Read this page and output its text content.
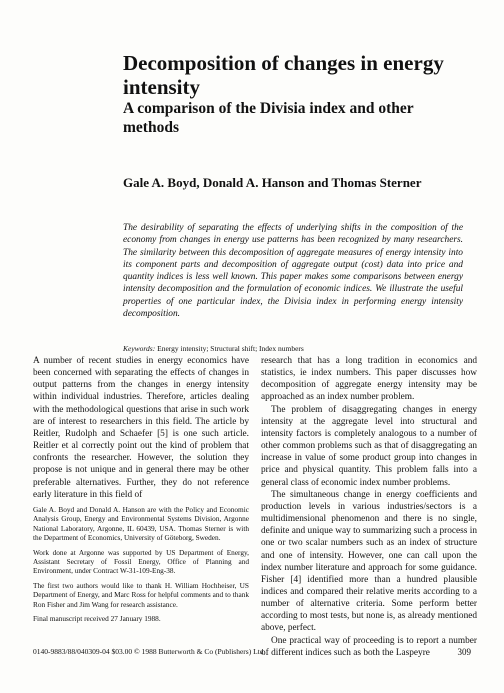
Decomposition of changes in energy intensity
A comparison of the Divisia index and other methods

Gale A. Boyd, Donald A. Hanson and Thomas Sterner

The desirability of separating the effects of underlying shifts in the composition of the economy from changes in energy use patterns has been recognized by many researchers. The similarity between this decomposition of aggregate measures of energy intensity into its component parts and decomposition of aggregate output (cost) data into price and quantity indices is less well known. This paper makes some comparisons between energy intensity decomposition and the formulation of economic indices. We illustrate the useful properties of one particular index, the Divisia index in performing energy intensity decomposition.

Keywords: Energy intensity; Structural shift; Index numbers

A number of recent studies in energy economics have been concerned with separating the effects of changes in output patterns from the changes in energy intensity within individual industries. Therefore, articles dealing with the methodological questions that arise in such work are of interest to researchers in this field. The article by Reitler, Rudolph and Schaefer [5] is one such article. Reitler et al correctly point out the kind of problem that confronts the researcher. However, the solution they propose is not unique and in general there may be other preferable alternatives. Further, they do not reference early literature in this field of

Gale A. Boyd and Donald A. Hanson are with the Policy and Economic Analysis Group, Energy and Environmental Systems Division, Argonne National Laboratory, Argonne, IL 60439, USA. Thomas Sterner is with the Department of Economics, University of Göteborg, Sweden.

Work done at Argonne was supported by US Department of Energy, Assistant Secretary of Fossil Energy, Office of Planning and Environment, under Contract W-31-109-Eng-38.

The first two authors would like to thank H. William Hochheiser, US Department of Energy, and Marc Ross for helpful comments and to thank Ron Fisher and Jim Wang for research assistance.

Final manuscript received 27 January 1988.

research that has a long tradition in economics and statistics, ie index numbers. This paper discusses how decomposition of aggregate energy intensity may be approached as an index number problem.

The problem of disaggregating changes in energy intensity at the aggregate level into structural and intensity factors is completely analogous to a number of other common problems such as that of disaggregating an increase in value of some product group into changes in price and physical quantity. This problem falls into a general class of economic index number problems.

The simultaneous change in energy coefficients and production levels in various industries/sectors is a multidimensional phenomenon and there is no single, definite and unique way to summarizing such a process in one or two scalar numbers such as an index of structure and one of intensity. However, one can call upon the index number literature and approach for some guidance. Fisher [4] identified more than a hundred plausible indices and compared their relative merits according to a number of alternative criteria. Some perform better according to most tests, but none is, as already mentioned above, perfect.

One practical way of proceeding is to report a number of different indices such as both the Laspeyre

0140-9883/88/040309-04 $03.00 © 1988 Butterworth & Co (Publishers) Ltd	309
